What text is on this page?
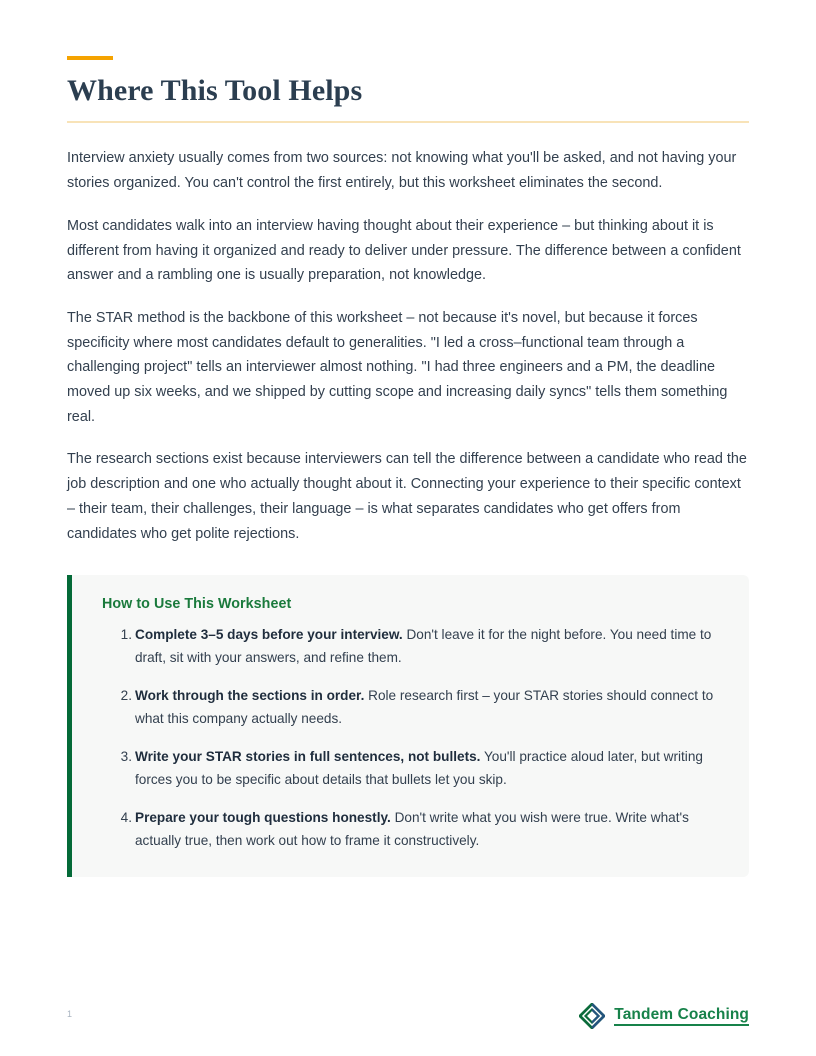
Where This Tool Helps

Interview anxiety usually comes from two sources: not knowing what you'll be asked, and not having your stories organized. You can't control the first entirely, but this worksheet eliminates the second.

Most candidates walk into an interview having thought about their experience – but thinking about it is different from having it organized and ready to deliver under pressure. The difference between a confident answer and a rambling one is usually preparation, not knowledge.

The STAR method is the backbone of this worksheet – not because it's novel, but because it forces specificity where most candidates default to generalities. "I led a cross–functional team through a challenging project" tells an interviewer almost nothing. "I had three engineers and a PM, the deadline moved up six weeks, and we shipped by cutting scope and increasing daily syncs" tells them something real.

The research sections exist because interviewers can tell the difference between a candidate who read the job description and one who actually thought about it. Connecting your experience to their specific context – their team, their challenges, their language – is what separates candidates who get offers from candidates who get polite rejections.

How to Use This Worksheet
Complete 3–5 days before your interview. Don't leave it for the night before. You need time to draft, sit with your answers, and refine them.
Work through the sections in order. Role research first – your STAR stories should connect to what this company actually needs.
Write your STAR stories in full sentences, not bullets. You'll practice aloud later, but writing forces you to be specific about details that bullets let you skip.
Prepare your tough questions honestly. Don't write what you wish were true. Write what's actually true, then work out how to frame it constructively.
1	Tandem Coaching
